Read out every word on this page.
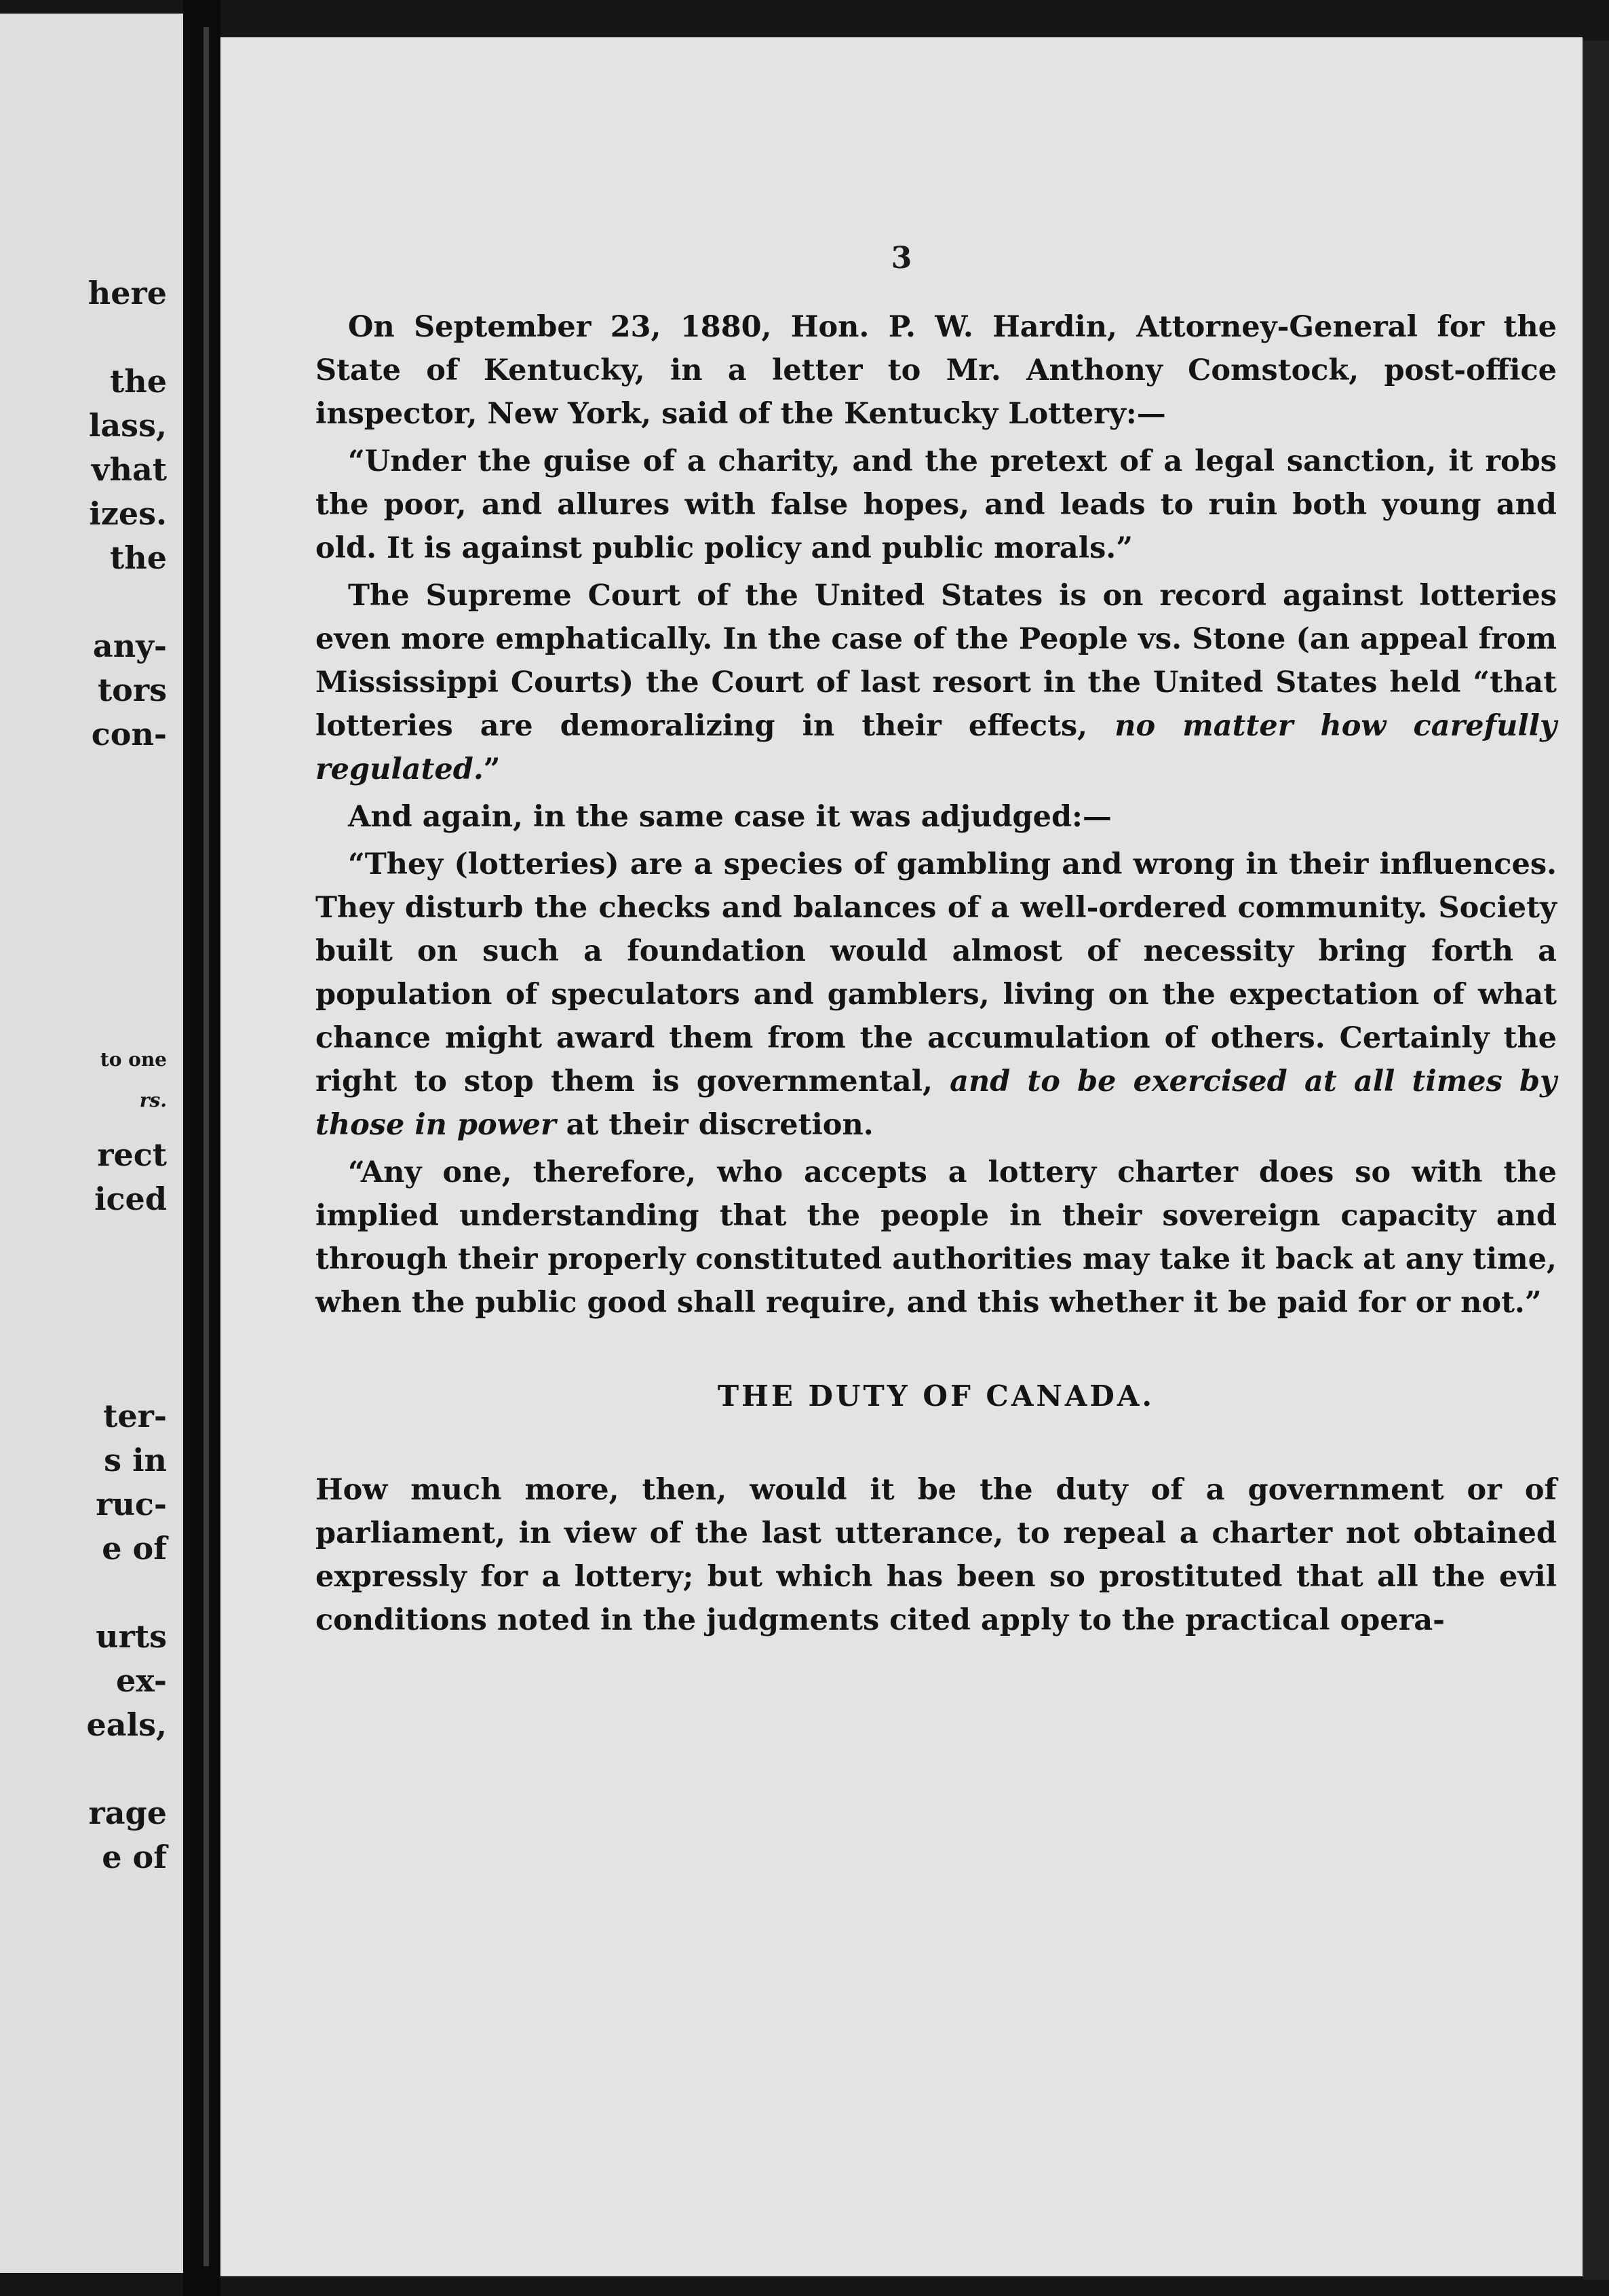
here
the
lass,
vhat
izes.
the
any-
tors
con-
to one
rs.
rect
iced
ter-
s in
ruc-
e of
urts
ex-
eals,
rage
e of
3

On September 23, 1880, Hon. P. W. Hardin, Attorney-General for the State of Kentucky, in a letter to Mr. Anthony Comstock, post-office inspector, New York, said of the Kentucky Lottery:—

“Under the guise of a charity, and the pretext of a legal sanction, it robs the poor, and allures with false hopes, and leads to ruin both young and old. It is against public policy and public morals.”

The Supreme Court of the United States is on record against lotteries even more emphatically. In the case of the People vs. Stone (an appeal from Mississippi Courts) the Court of last resort in the United States held “that lotteries are demoralizing in their effects, no matter how carefully regulated.”

And again, in the same case it was adjudged:—

“They (lotteries) are a species of gambling and wrong in their influences. They disturb the checks and balances of a well-ordered community. Society built on such a foundation would almost of necessity bring forth a population of speculators and gamblers, living on the expectation of what chance might award them from the accumulation of others. Certainly the right to stop them is governmental, and to be exercised at all times by those in power at their discretion.

“Any one, therefore, who accepts a lottery charter does so with the implied understanding that the people in their sovereign capacity and through their properly constituted authorities may take it back at any time, when the public good shall require, and this whether it be paid for or not.”

THE DUTY OF CANADA.

How much more, then, would it be the duty of a government or of parliament, in view of the last utterance, to repeal a charter not obtained expressly for a lottery; but which has been so prostituted that all the evil conditions noted in the judgments cited apply to the practical opera-
